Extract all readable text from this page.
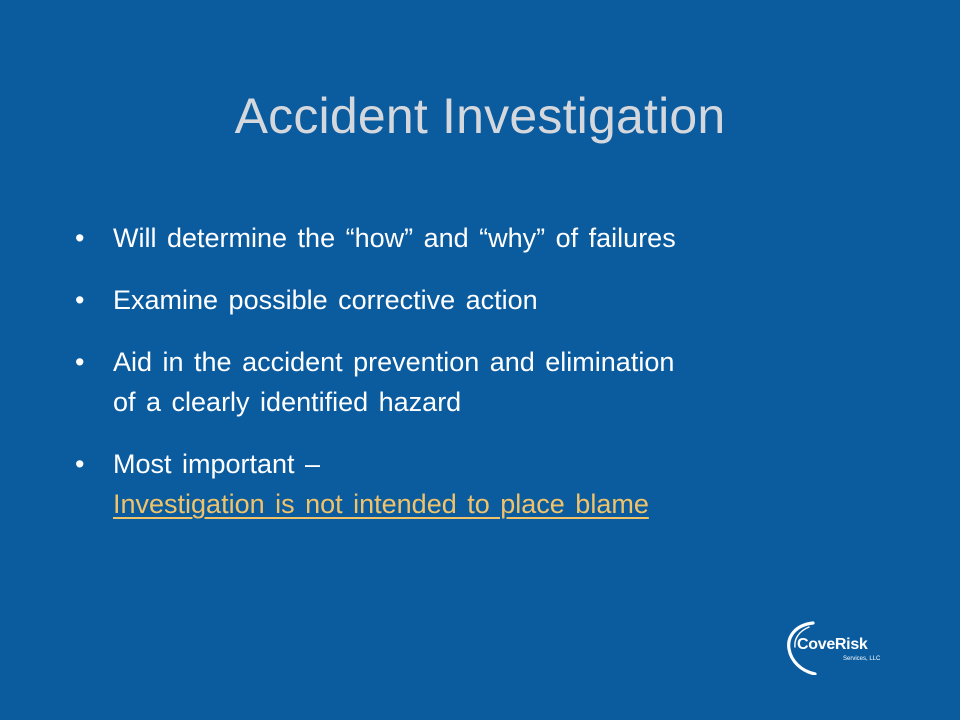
Accident Investigation
• Will determine the “how” and “why” of failures
• Examine possible corrective action
• Aid in the accident prevention and elimination
of a clearly identified hazard
• Most important –
Investigation is not intended to place blame
CoveRisk
Services, LLC
